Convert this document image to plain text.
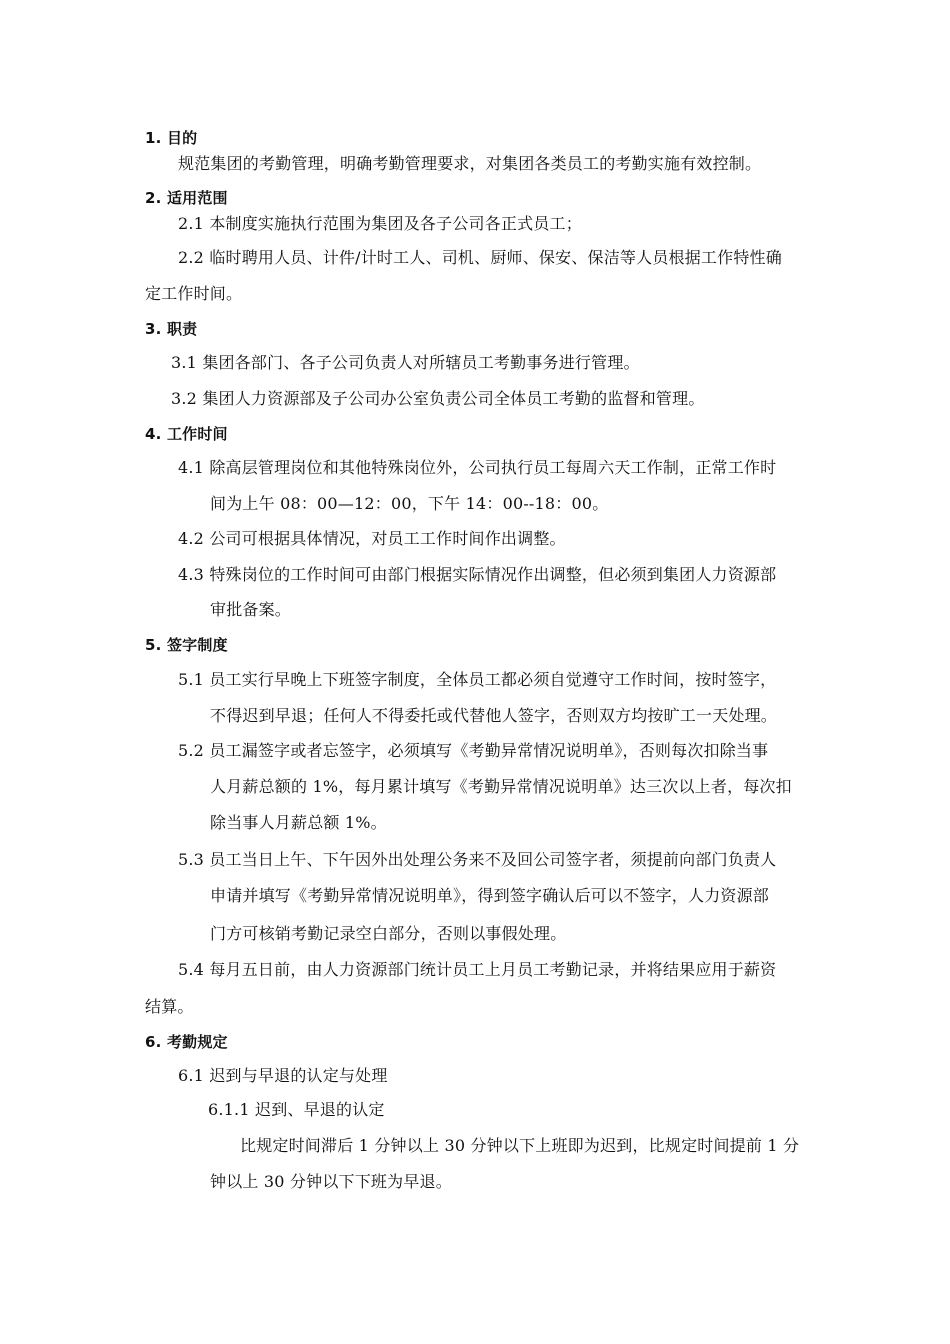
1. 目的
规范集团的考勤管理，明确考勤管理要求，对集团各类员工的考勤实施有效控制。
2. 适用范围
2.1 本制度实施执行范围为集团及各子公司各正式员工；
2.2 临时聘用人员、计件/计时工人、司机、厨师、保安、保洁等人员根据工作特性确
定工作时间。
3. 职责
3.1 集团各部门、各子公司负责人对所辖员工考勤事务进行管理。
3.2 集团人力资源部及子公司办公室负责公司全体员工考勤的监督和管理。
4. 工作时间
4.1 除高层管理岗位和其他特殊岗位外，公司执行员工每周六天工作制，正常工作时
间为上午 08：00—12：00，下午 14：00--18：00。
4.2 公司可根据具体情况，对员工工作时间作出调整。
4.3 特殊岗位的工作时间可由部门根据实际情况作出调整，但必须到集团人力资源部
审批备案。
5. 签字制度
5.1 员工实行早晚上下班签字制度，全体员工都必须自觉遵守工作时间，按时签字，
不得迟到早退；任何人不得委托或代替他人签字，否则双方均按旷工一天处理。
5.2 员工漏签字或者忘签字，必须填写《考勤异常情况说明单》，否则每次扣除当事
人月薪总额的 1%，每月累计填写《考勤异常情况说明单》达三次以上者，每次扣
除当事人月薪总额 1%。
5.3 员工当日上午、下午因外出处理公务来不及回公司签字者，须提前向部门负责人
申请并填写《考勤异常情况说明单》，得到签字确认后可以不签字，人力资源部
门方可核销考勤记录空白部分，否则以事假处理。
5.4 每月五日前，由人力资源部门统计员工上月员工考勤记录，并将结果应用于薪资
结算。
6. 考勤规定
6.1 迟到与早退的认定与处理
6.1.1 迟到、早退的认定
比规定时间滞后 1 分钟以上 30 分钟以下上班即为迟到，比规定时间提前 1 分
钟以上 30 分钟以下下班为早退。
